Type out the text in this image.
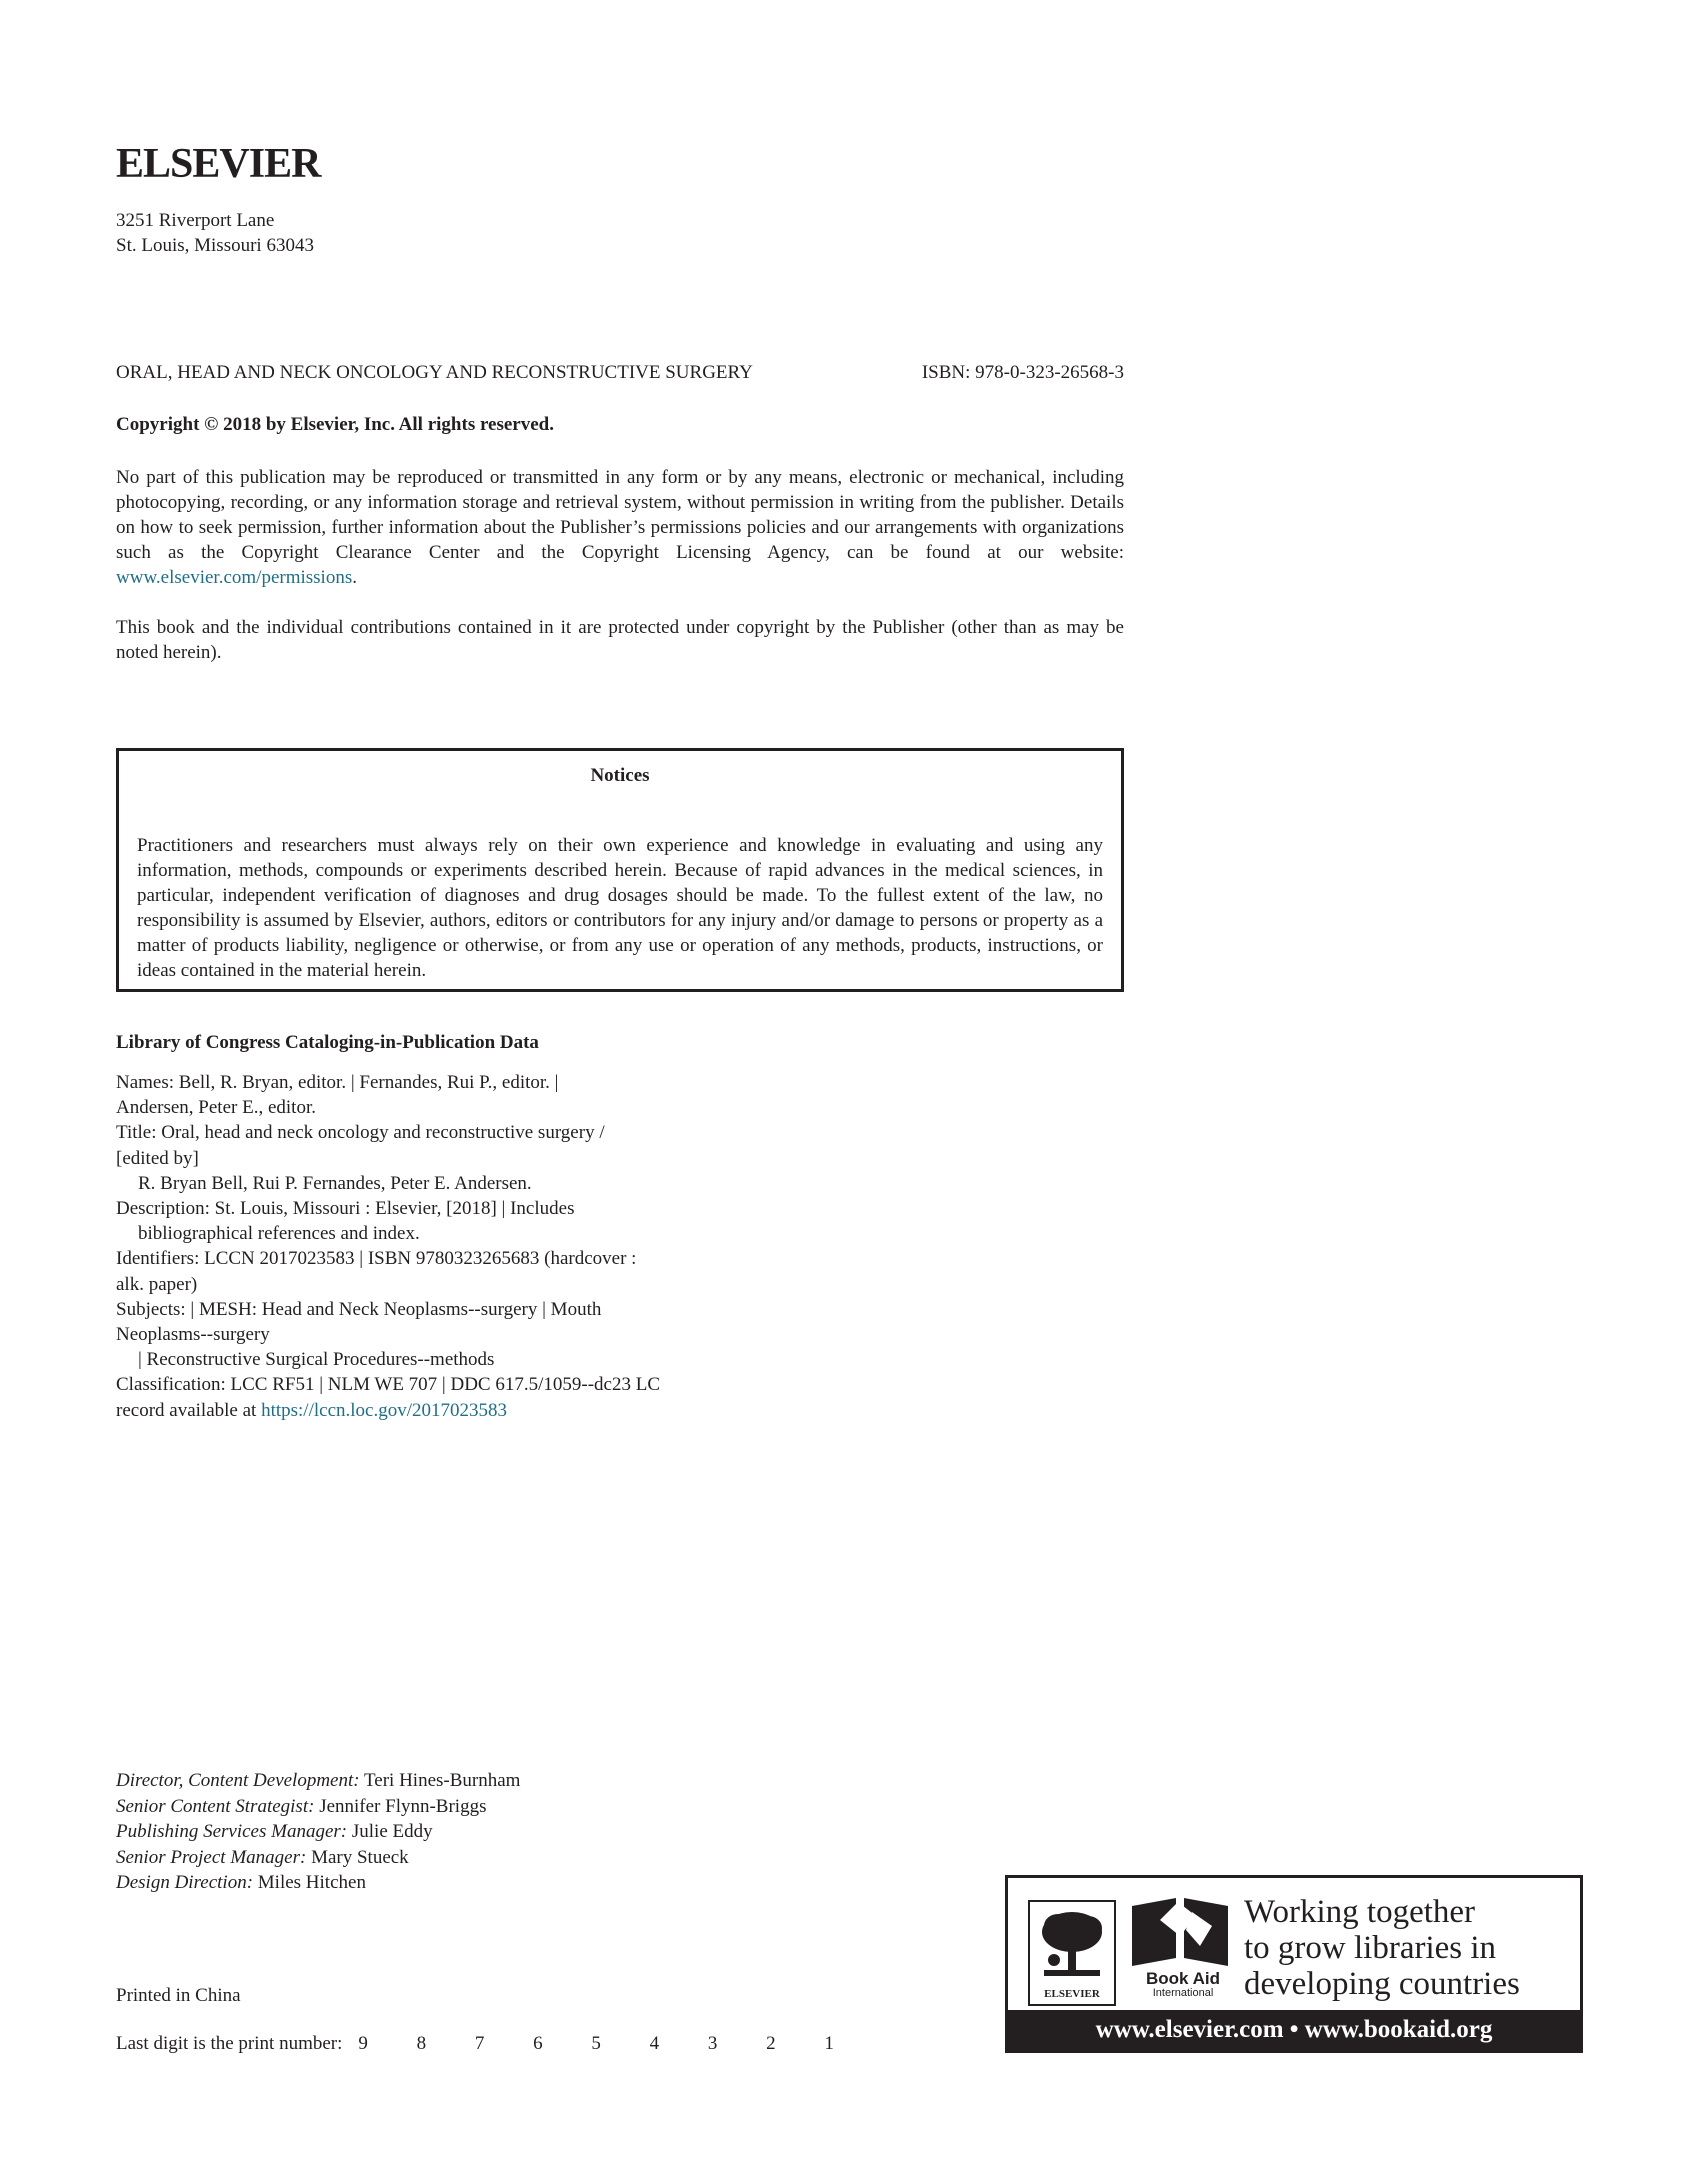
ELSEVIER
3251 Riverport Lane
St. Louis, Missouri 63043
ORAL, HEAD AND NECK ONCOLOGY AND RECONSTRUCTIVE SURGERY	ISBN: 978-0-323-26568-3
Copyright © 2018 by Elsevier, Inc. All rights reserved.
No part of this publication may be reproduced or transmitted in any form or by any means, electronic or mechanical, including photocopying, recording, or any information storage and retrieval system, without permission in writing from the publisher. Details on how to seek permission, further information about the Publisher’s permissions policies and our arrangements with organizations such as the Copyright Clearance Center and the Copyright Licensing Agency, can be found at our website: www.elsevier.com/permissions.
This book and the individual contributions contained in it are protected under copyright by the Publisher (other than as may be noted herein).
Notices
Practitioners and researchers must always rely on their own experience and knowledge in evaluating and using any information, methods, compounds or experiments described herein. Because of rapid advances in the medical sciences, in particular, independent verification of diagnoses and drug dosages should be made. To the fullest extent of the law, no responsibility is assumed by Elsevier, authors, editors or contributors for any injury and/or damage to persons or property as a matter of products liability, negligence or otherwise, or from any use or operation of any methods, products, instructions, or ideas contained in the material herein.
Library of Congress Cataloging-in-Publication Data
Names: Bell, R. Bryan, editor. | Fernandes, Rui P., editor. |
Andersen, Peter E., editor.
Title: Oral, head and neck oncology and reconstructive surgery /
[edited by]
R. Bryan Bell, Rui P. Fernandes, Peter E. Andersen.
Description: St. Louis, Missouri : Elsevier, [2018] | Includes
bibliographical references and index.
Identifiers: LCCN 2017023583 | ISBN 9780323265683 (hardcover :
alk. paper)
Subjects: | MESH: Head and Neck Neoplasms--surgery | Mouth
Neoplasms--surgery
| Reconstructive Surgical Procedures--methods
Classification: LCC RF51 | NLM WE 707 | DDC 617.5/1059--dc23 LC
record available at https://lccn.loc.gov/2017023583
Director, Content Development: Teri Hines-Burnham
Senior Content Strategist: Jennifer Flynn-Briggs
Publishing Services Manager: Julie Eddy
Senior Project Manager: Mary Stueck
Design Direction: Miles Hitchen
Printed in China
Last digit is the print number: 9 8 7 6 5 4 3 2 1
ELSEVIER
Book Aid
International
Working together
to grow libraries in
developing countries
www.elsevier.com • www.bookaid.org
